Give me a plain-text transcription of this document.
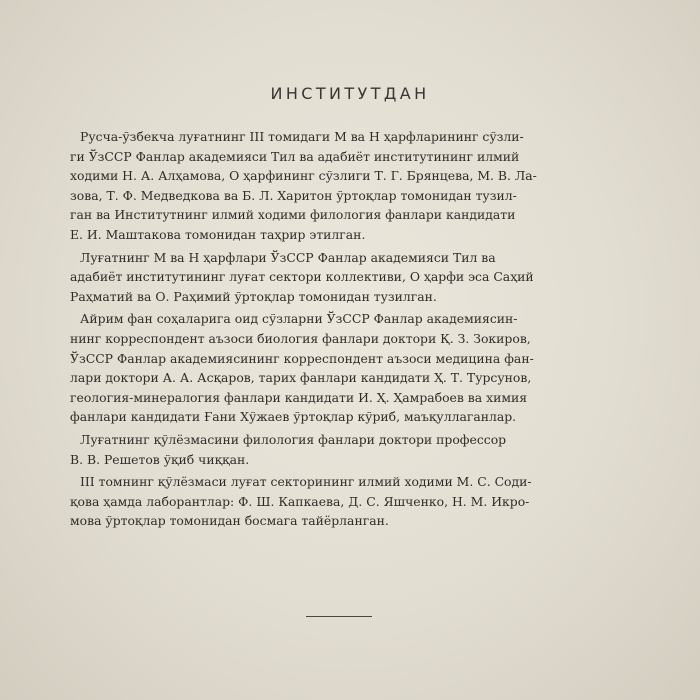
ИНСТИТУТДАН

Русча-ўзбекча луғатнинг III томидаги М ва Н ҳарфларининг сўзли-
ги ЎзССР Фанлар академияси Тил ва адабиёт институтининг илмий
ходими Н. А. Алҳамова, О ҳарфининг сўзлиги Т. Г. Брянцева, М. В. Ла-
зова, Т. Ф. Медведкова ва Б. Л. Харитон ўртоқлар томонидан тузил-
ган ва Институтнинг илмий ходими филология фанлари кандидати
Е. И. Маштакова томонидан таҳрир этилган.

Луғатнинг М ва Н ҳарфлари ЎзССР Фанлар академияси Тил ва
адабиёт институтининг луғат сектори коллективи, О ҳарфи эса Саҳий
Раҳматий ва О. Раҳимий ўртоқлар томонидан тузилган.

Айрим фан соҳаларига оид сўзларни ЎзССР Фанлар академиясин-
нинг корреспондент аъзоси биология фанлари доктори Қ. З. Зокиров,
ЎзССР Фанлар академиясининг корреспондент аъзоси медицина фан-
лари доктори А. А. Асқаров, тарих фанлари кандидати Ҳ. Т. Турсунов,
геология-минералогия фанлари кандидати И. Ҳ. Ҳамрабоев ва химия
фанлари кандидати Ғани Хўжаев ўртоқлар кўриб, маъқуллаганлар.

Луғатнинг қўлёзмасини филология фанлари доктори профессор
В. В. Решетов ўқиб чиққан.

III томнинг қўлёзмаси луғат секторининг илмий ходими М. С. Соди-
қова ҳамда лаборантлар: Ф. Ш. Капкаева, Д. С. Яшченко, Н. М. Икро-
мова ўртоқлар томонидан босмага тайёрланган.
